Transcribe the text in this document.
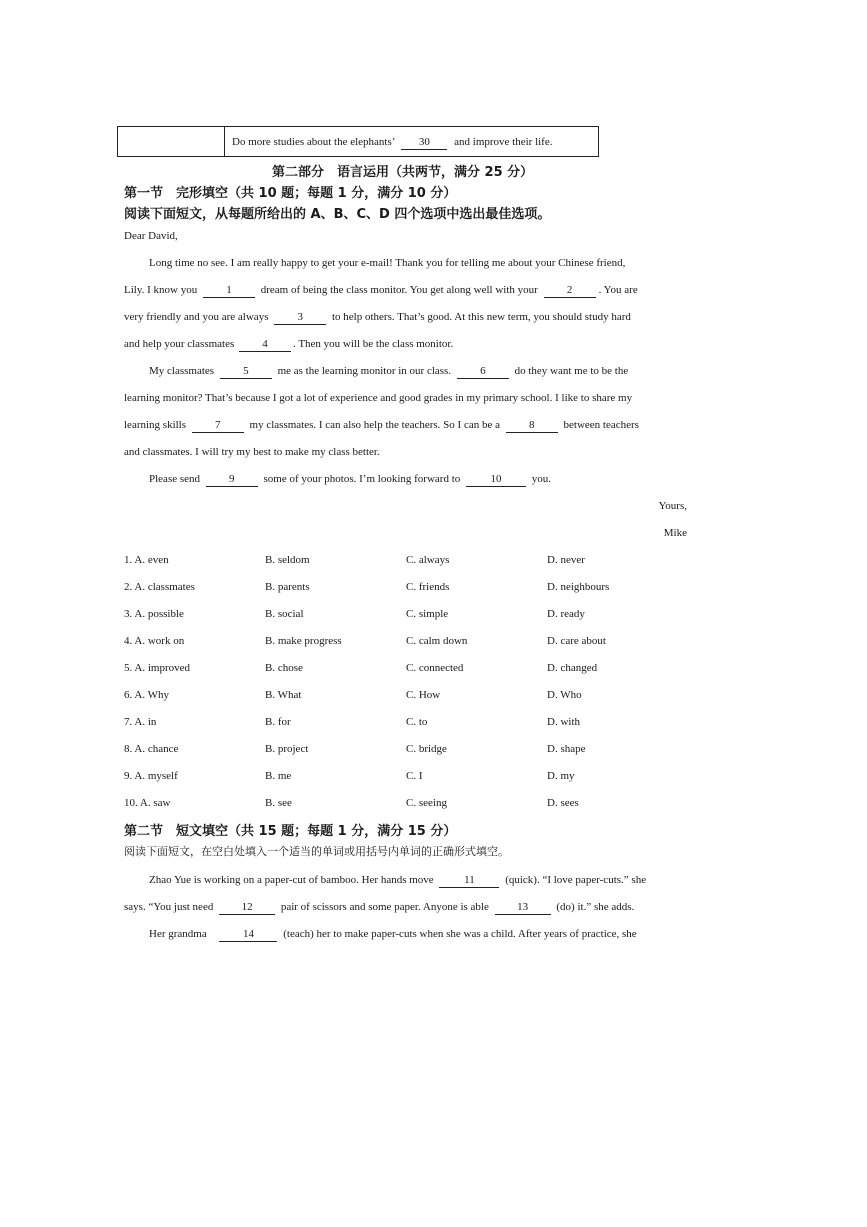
Do more studies about the elephants’ 30 and improve their life.
第二部分　语言运用（共两节，满分 25 分）
第一节　完形填空（共 10 题；每题 1 分，满分 10 分）
阅读下面短文，从每题所给出的 A、B、C、D 四个选项中选出最佳选项。
Dear David,
Long time no see. I am really happy to get your e-mail! Thank you for telling me about your Chinese friend,
Lily. I know you	1	dream of being the class monitor. You get along well with your	2 . You are
very friendly and you are always	3	to help others. That’s good. At this new term, you should study hard
and help your classmates	4 . Then you will be the class monitor.
My classmates	5	me as the learning monitor in our class.	6	do they want me to be the
learning monitor? That’s because I got a lot of experience and good grades in my primary school. I like to share my
learning skills	7	my classmates. I can also help the teachers. So I can be a	8	between teachers
and classmates. I will try my best to make my class better.
Please send	9	some of your photos. I’m looking forward to	10	you.
Yours,
Mike
1. A. even	B. seldom	C. always	D. never
2. A. classmates	B. parents	C. friends	D. neighbours
3. A. possible	B. social	C. simple	D. ready
4. A. work on	B. make progress	C. calm down	D. care about
5. A. improved	B. chose	C. connected	D. changed
6. A. Why	B. What	C. How	D. Who
7. A. in	B. for	C. to	D. with
8. A. chance	B. project	C. bridge	D. shape
9. A. myself	B. me	C. I	D. my
10. A. saw	B. see	C. seeing	D. sees
第二节　短文填空（共 15 题；每题 1 分，满分 15 分）
阅读下面短文，在空白处填入一个适当的单词或用括号内单词的正确形式填空。
Zhao Yue is working on a paper-cut of bamboo. Her hands move	11	(quick). “I love paper-cuts.” she
says. “You just need	12	pair of scissors and some paper. Anyone is able	13	(do) it.” she adds.
Her grandma	14	(teach) her to make paper-cuts when she was a child. After years of practice, she
